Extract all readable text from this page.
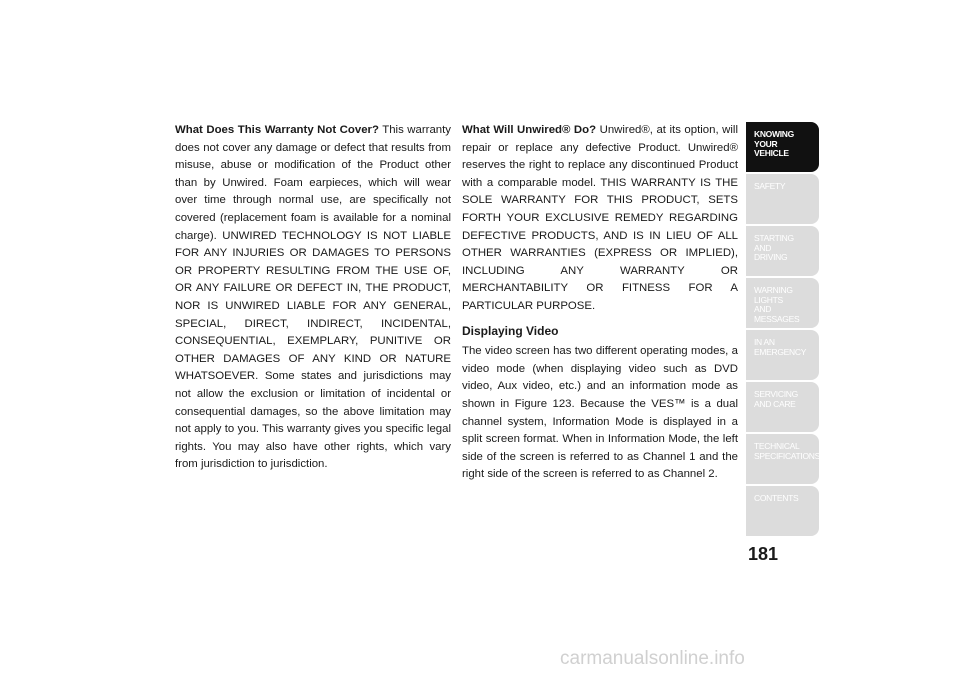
What Does This Warranty Not Cover? This warranty does not cover any damage or defect that results from misuse, abuse or modification of the Product other than by Unwired. Foam earpieces, which will wear over time through normal use, are specifically not covered (replacement foam is available for a nominal charge). UNWIRED TECHNOLOGY IS NOT LIABLE FOR ANY INJURIES OR DAMAGES TO PERSONS OR PROPERTY RESULTING FROM THE USE OF, OR ANY FAILURE OR DEFECT IN, THE PRODUCT, NOR IS UNWIRED LIABLE FOR ANY GENERAL, SPECIAL, DIRECT, INDIRECT, INCIDENTAL, CONSEQUENTIAL, EXEMPLARY, PUNITIVE OR OTHER DAMAGES OF ANY KIND OR NATURE WHATSOEVER. Some states and jurisdictions may not allow the exclusion or limitation of incidental or consequential damages, so the above limitation may not apply to you. This warranty gives you specific legal rights. You may also have other rights, which vary from jurisdiction to jurisdiction.

What Will Unwired® Do? Unwired®, at its option, will repair or replace any defective Product. Unwired® reserves the right to replace any discontinued Product with a comparable model. THIS WARRANTY IS THE SOLE WARRANTY FOR THIS PRODUCT, SETS FORTH YOUR EXCLUSIVE REMEDY REGARDING DEFECTIVE PRODUCTS, AND IS IN LIEU OF ALL OTHER WARRANTIES (EXPRESS OR IMPLIED), INCLUDING ANY WARRANTY OR MERCHANTABILITY OR FITNESS FOR A PARTICULAR PURPOSE.

Displaying Video

The video screen has two different operating modes, a video mode (when displaying video such as DVD video, Aux video, etc.) and an information mode as shown in Figure 123. Because the VES™ is a dual channel system, Information Mode is displayed in a split screen format. When in Information Mode, the left side of the screen is referred to as Channel 1 and the right side of the screen is referred to as Channel 2.

KNOWING
YOUR
VEHICLE
SAFETY
STARTING
AND
DRIVING
WARNING
LIGHTS
AND
MESSAGES
IN AN
EMERGENCY
SERVICING
AND CARE
TECHNICAL
SPECIFICATIONS
CONTENTS
181
carmanualsonline.info
